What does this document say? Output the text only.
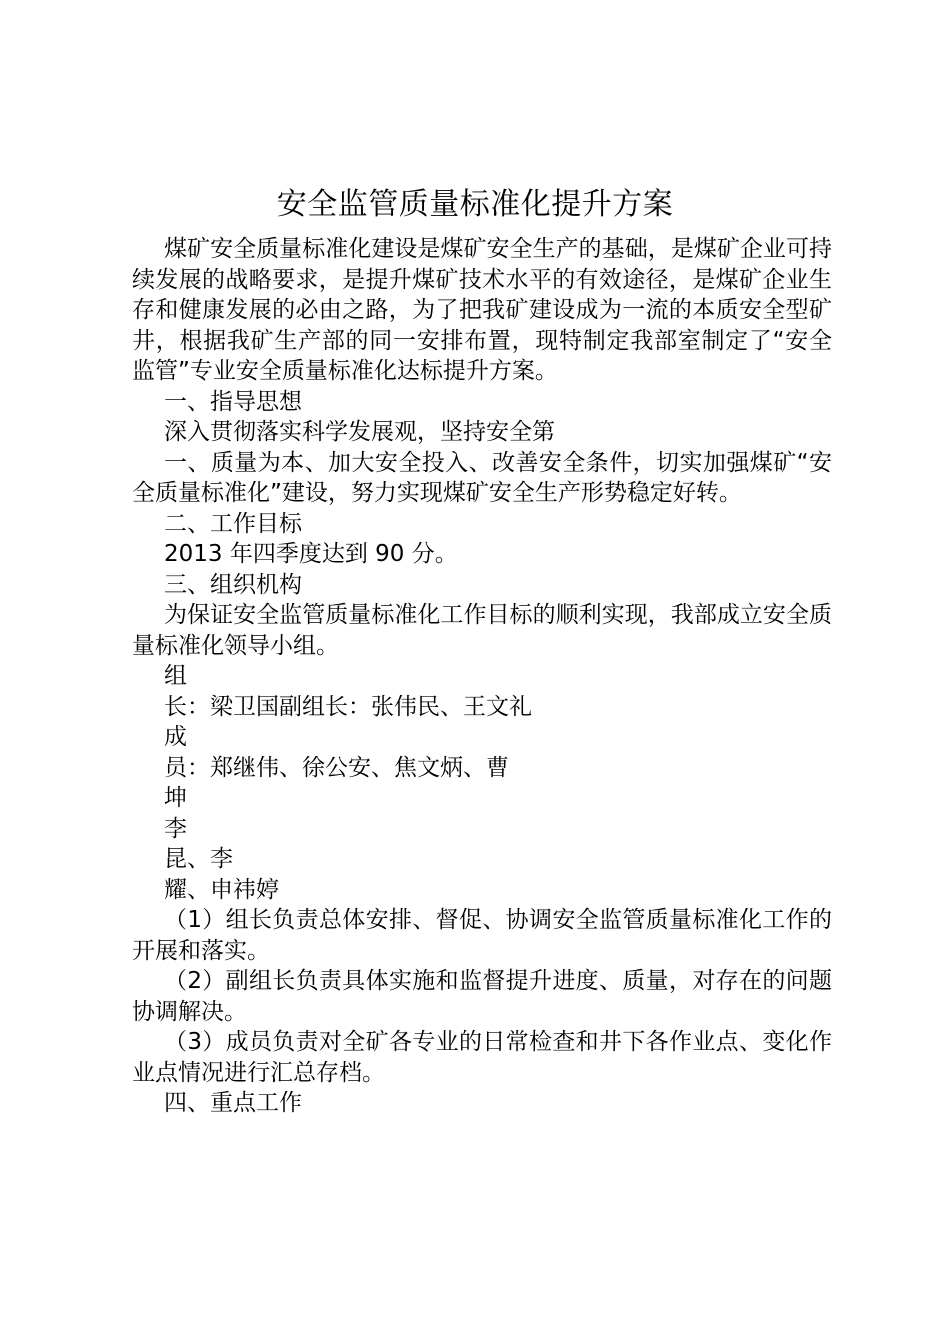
安全监管质量标准化提升方案

煤矿安全质量标准化建设是煤矿安全生产的基础，是煤矿企业可持续发展的战略要求，是提升煤矿技术水平的有效途径，是煤矿企业生存和健康发展的必由之路，为了把我矿建设成为一流的本质安全型矿井，根据我矿生产部的同一安排布置，现特制定我部室制定了“安全监管”专业安全质量标准化达标提升方案。

一、指导思想

深入贯彻落实科学发展观，坚持安全第

一、质量为本、加大安全投入、改善安全条件，切实加强煤矿“安全质量标准化”建设，努力实现煤矿安全生产形势稳定好转。

二、工作目标

2013 年四季度达到 90 分。

三、组织机构

为保证安全监管质量标准化工作目标的顺利实现，我部成立安全质量标准化领导小组。

组

长：梁卫国副组长：张伟民、王文礼

成

员：郑继伟、徐公安、焦文炳、曹

坤

李

昆、李

耀、申祎婷

（1）组长负责总体安排、督促、协调安全监管质量标准化工作的开展和落实。

（2）副组长负责具体实施和监督提升进度、质量，对存在的问题协调解决。

（3）成员负责对全矿各专业的日常检查和井下各作业点、变化作业点情况进行汇总存档。

四、重点工作
